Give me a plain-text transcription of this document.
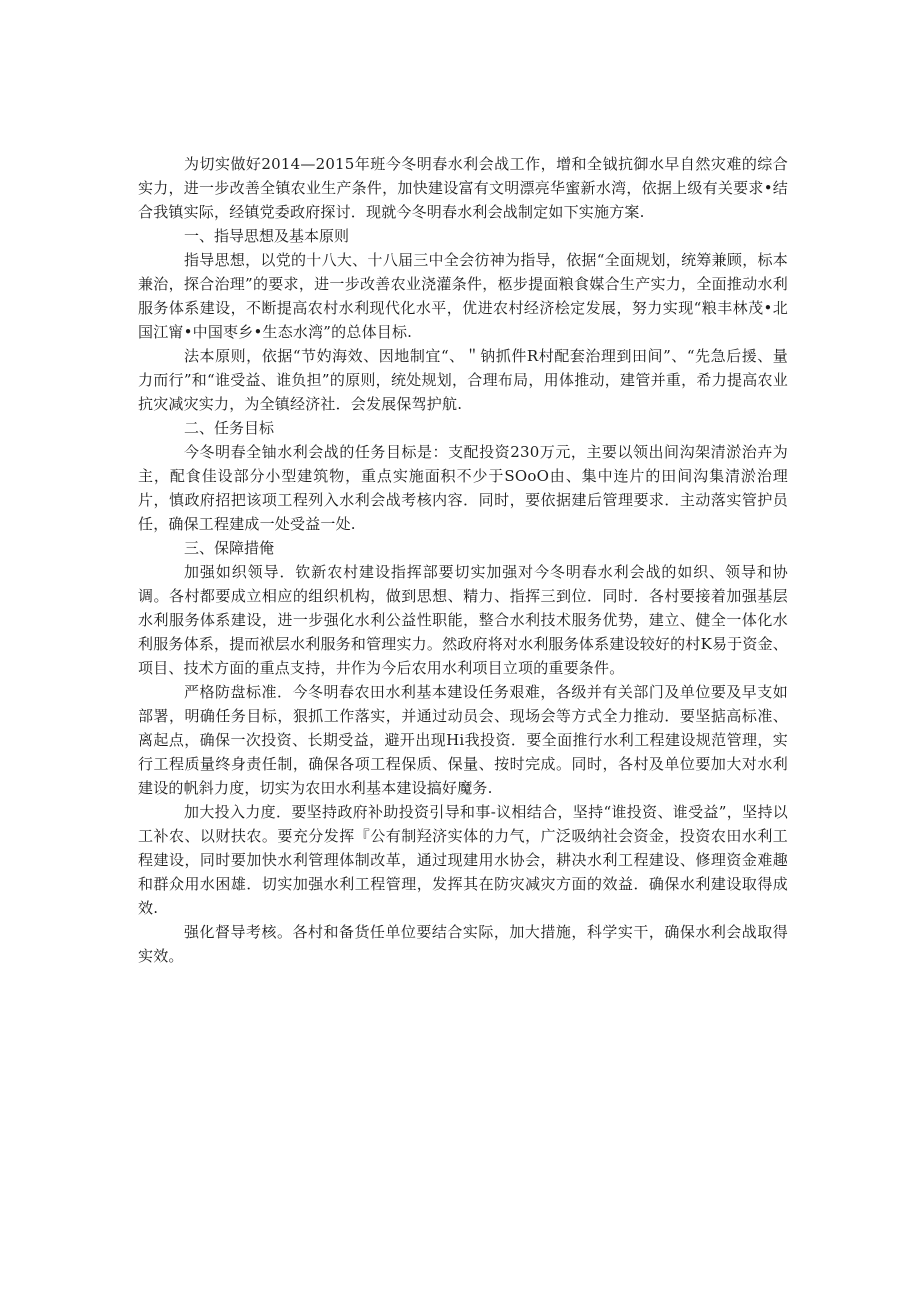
为切实做好2014—2015年班今冬明春水利会战工作，增和全钺抗御水早自然灾难的综合实力，进一步改善全镇农业生产条件，加快建设富有文明漂亮华蜜新水湾，依据上级有关要求•结合我镇实际，经镇党委政府探讨．现就今冬明春水利会战制定如下实施方案.

一、指导思想及基本原则

指导思想，以党的十八大、十八届三中全会彷神为指导，依据“全面规划，统筹兼顾，标本兼治，探合治理”的要求，进一步改善农业浇灌条件，柩步提面粮食媒合生产实力，全面推动水利服务体系建设，不断提高农村水利现代化水平，优进农村经济桧定发展，努力实现“粮丰林茂•北国江甯•中国枣乡•生态水湾”的总体目标.

法本原则，依据“节妁海效、因地制宜“、＂钠抓件R村配套治理到田间”、“先急后援、量力而行”和“谁受益、谁负担”的原则，统处规划，合理布局，用体推动，建管并重，希力提高农业抗灾减灾实力，为全镇经济社．会发展保驾护航.

二、任务目标

今冬明春全铀水利会战的任务目标是：支配投资230万元，主要以领出间沟架清淤治卉为主，配食佳设部分小型建筑物，重点实施面积不少于SOoO由、集中连片的田间沟集清淤治理片，慎政府招把该项工程列入水利会战考核内容．同时，要依据建后管理要求．主动落实管护员任，确保工程建成一处受益一处.

三、保障措俺

加强如织领导．钦新农村建设指挥部要切实加强对今冬明春水利会战的如织、领导和协调。各村都要成立相应的组织机构，做到思想、精力、指挥三到位．同时．各村要接着加强基层水利服务体系建设，进一步强化水利公益性职能，整合水利技术服务优势，建立、健全一体化水利服务体系，提而袱层水利服务和管理实力。然政府将对水利服务体系建设较好的村K易于资金、项目、技术方面的重点支持，井作为今后农用水利项目立项的重要条件。

严格防盘标准．今冬明春农田水利基本建设任务艰难，各级并有关部门及单位要及早支如部署，明确任务目标，狠抓工作落实，并通过动员会、现场会等方式全力推动．要坚掂高标准、离起点，确保一次投资、长期受益，避开出现Hi我投资．要全面推行水利工程建设规范管理，实行工程质量终身责任制，确保各项工程保质、保量、按时完成。同时，各村及单位要加大对水利建设的帆斜力度，切实为农田水利基本建设搞好魔务.

加大投入力度．要坚持政府补助投资引导和事-议相结合，坚持“谁投资、谁受益”，坚持以工补农、以财扶农。要充分发挥『公有制羟济实体的力气，广泛吸纳社会资金，投资农田水利工程建设，同时要加快水利管理体制改革，通过现建用水协会，耕决水利工程建设、修理资金难趣和群众用水困雄．切实加强水利工程管理，发挥其在防灾减灾方面的效益．确保水利建设取得成效.

强化督导考核。各村和备货任单位要结合实际，加大措施，科学实干，确保水利会战取得实效。
